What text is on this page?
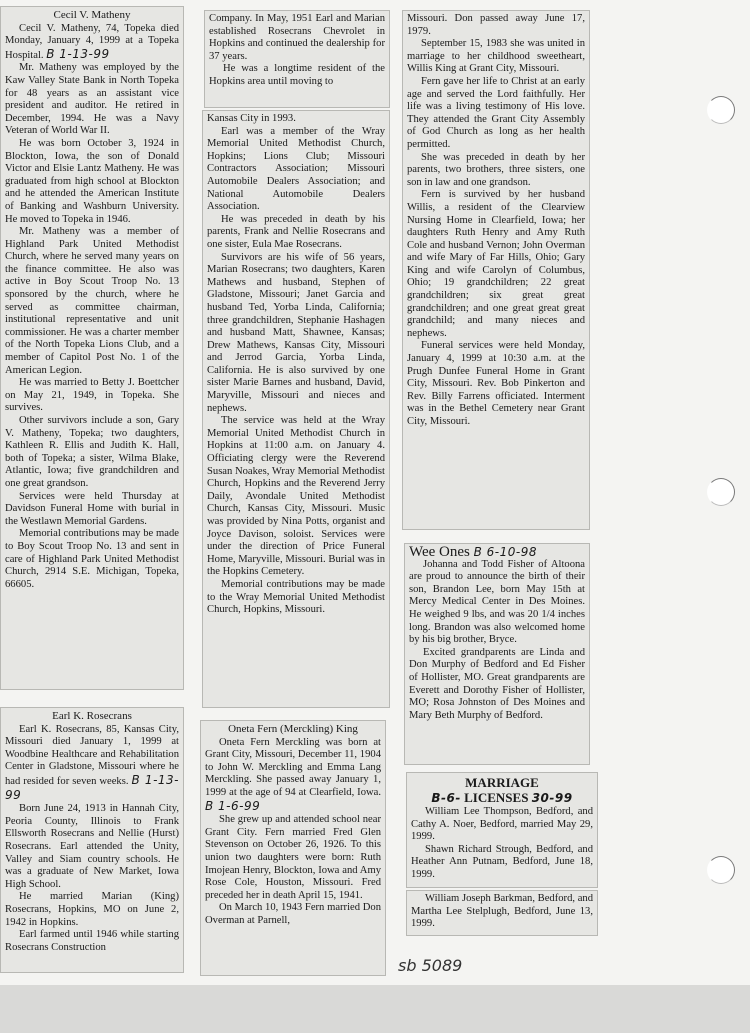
Cecil V. Matheny

Cecil V. Matheny, 74, Topeka died Monday, January 4, 1999 at a Topeka Hospital. B 1-13-99

Mr. Matheny was employed by the Kaw Valley State Bank in North Topeka for 48 years as an assistant vice president and auditor. He retired in December, 1994. He was a Navy Veteran of World War II.

He was born October 3, 1924 in Blockton, Iowa, the son of Donald Victor and Elsie Lantz Matheny. He was graduated from high school at Blockton and he attended the American Institute of Banking and Washburn University. He moved to Topeka in 1946.

Mr. Matheny was a member of Highland Park United Methodist Church, where he served many years on the finance committee. He also was active in Boy Scout Troop No. 13 sponsored by the church, where he served as committee chairman, institutional representative and unit commissioner. He was a charter member of the North Topeka Lions Club, and a member of Capitol Post No. 1 of the American Legion.

He was married to Betty J. Boettcher on May 21, 1949, in Topeka. She survives.

Other survivors include a son, Gary V. Matheny, Topeka; two daughters, Kathleen R. Ellis and Judith K. Hall, both of Topeka; a sister, Wilma Blake, Atlantic, Iowa; five grandchildren and one great grandson.

Services were held Thursday at Davidson Funeral Home with burial in the Westlawn Memorial Gardens.

Memorial contributions may be made to Boy Scout Troop No. 13 and sent in care of Highland Park United Methodist Church, 2914 S.E. Michigan, Topeka, 66605.

Company. In May, 1951 Earl and Marian established Rosecrans Chevrolet in Hopkins and continued the dealership for 37 years.

He was a longtime resident of the Hopkins area until moving to

Kansas City in 1993.

Earl was a member of the Wray Memorial United Methodist Church, Hopkins; Lions Club; Missouri Contractors Association; Missouri Automobile Dealers Association; and National Automobile Dealers Association.

He was preceded in death by his parents, Frank and Nellie Rosecrans and one sister, Eula Mae Rosecrans.

Survivors are his wife of 56 years, Marian Rosecrans; two daughters, Karen Mathews and husband, Stephen of Gladstone, Missouri; Janet Garcia and husband Ted, Yorba Linda, California; three grandchildren, Stephanie Hashagen and husband Matt, Shawnee, Kansas; Drew Mathews, Kansas City, Missouri and Jerrod Garcia, Yorba Linda, California. He is also survived by one sister Marie Barnes and husband, David, Maryville, Missouri and nieces and nephews.

The service was held at the Wray Memorial United Methodist Church in Hopkins at 11:00 a.m. on January 4. Officiating clergy were the Reverend Susan Noakes, Wray Memorial Methodist Church, Hopkins and the Reverend Jerry Daily, Avondale United Methodist Church, Kansas City, Missouri. Music was provided by Nina Potts, organist and Joyce Davison, soloist. Services were under the direction of Price Funeral Home, Maryville, Missouri. Burial was in the Hopkins Cemetery.

Memorial contributions may be made to the Wray Memorial United Methodist Church, Hopkins, Missouri.

Missouri. Don passed away June 17, 1979.

September 15, 1983 she was united in marriage to her childhood sweetheart, Willis King at Grant City, Missouri.

Fern gave her life to Christ at an early age and served the Lord faithfully. Her life was a living testimony of His love. They attended the Grant City Assembly of God Church as long as her health permitted.

She was preceded in death by her parents, two brothers, three sisters, one son in law and one grandson.

Fern is survived by her husband Willis, a resident of the Clearview Nursing Home in Clearfield, Iowa; her daughters Ruth Henry and Amy Ruth Cole and husband Vernon; John Overman and wife Mary of Far Hills, Ohio; Gary King and wife Carolyn of Columbus, Ohio; 19 grandchildren; 22 great grandchildren; six great great grandchildren; and one great great great grandchild; and many nieces and nephews.

Funeral services were held Monday, January 4, 1999 at 10:30 a.m. at the Prugh Dunfee Funeral Home in Grant City, Missouri. Rev. Bob Pinkerton and Rev. Billy Farrens officiated. Interment was in the Bethel Cemetery near Grant City, Missouri.

Wee Ones B 6-10-98

Johanna and Todd Fisher of Altoona are proud to announce the birth of their son, Brandon Lee, born May 15th at Mercy Medical Center in Des Moines. He weighed 9 lbs, and was 20 1/4 inches long. Brandon was also welcomed home by his big brother, Bryce.

Excited grandparents are Linda and Don Murphy of Bedford and Ed Fisher of Hollister, MO. Great grandparents are Everett and Dorothy Fisher of Hollister, MO; Rosa Johnston of Des Moines and Mary Beth Murphy of Bedford.

MARRIAGE

B-6- LICENSES 30-99

William Lee Thompson, Bedford, and Cathy A. Noer, Bedford, married May 29, 1999.

Shawn Richard Strough, Bedford, and Heather Ann Putnam, Bedford, June 18, 1999.

William Joseph Barkman, Bedford, and Martha Lee Stelplugh, Bedford, June 13, 1999.

Earl K. Rosecrans

Earl K. Rosecrans, 85, Kansas City, Missouri died January 1, 1999 at Woodbine Healthcare and Rehabilitation Center in Gladstone, Missouri where he had resided for seven weeks. B 1-13-99

Born June 24, 1913 in Hannah City, Peoria County, Illinois to Frank Ellsworth Rosecrans and Nellie (Hurst) Rosecrans. Earl attended the Unity, Valley and Siam country schools. He was a graduate of New Market, Iowa High School.

He married Marian (King) Rosecrans, Hopkins, MO on June 2, 1942 in Hopkins.

Earl farmed until 1946 while starting Rosecrans Construction

Oneta Fern (Merckling) King

Oneta Fern Merckling was born at Grant City, Missouri, December 11, 1904 to John W. Merckling and Emma Lang Merckling. She passed away January 1, 1999 at the age of 94 at Clearfield, Iowa. B 1-6-99

She grew up and attended school near Grant City. Fern married Fred Glen Stevenson on October 26, 1926. To this union two daughters were born: Ruth Imojean Henry, Blockton, Iowa and Amy Rose Cole, Houston, Missouri. Fred preceded her in death April 15, 1941.

On March 10, 1943 Fern married Don Overman at Parnell,

sb 5089
